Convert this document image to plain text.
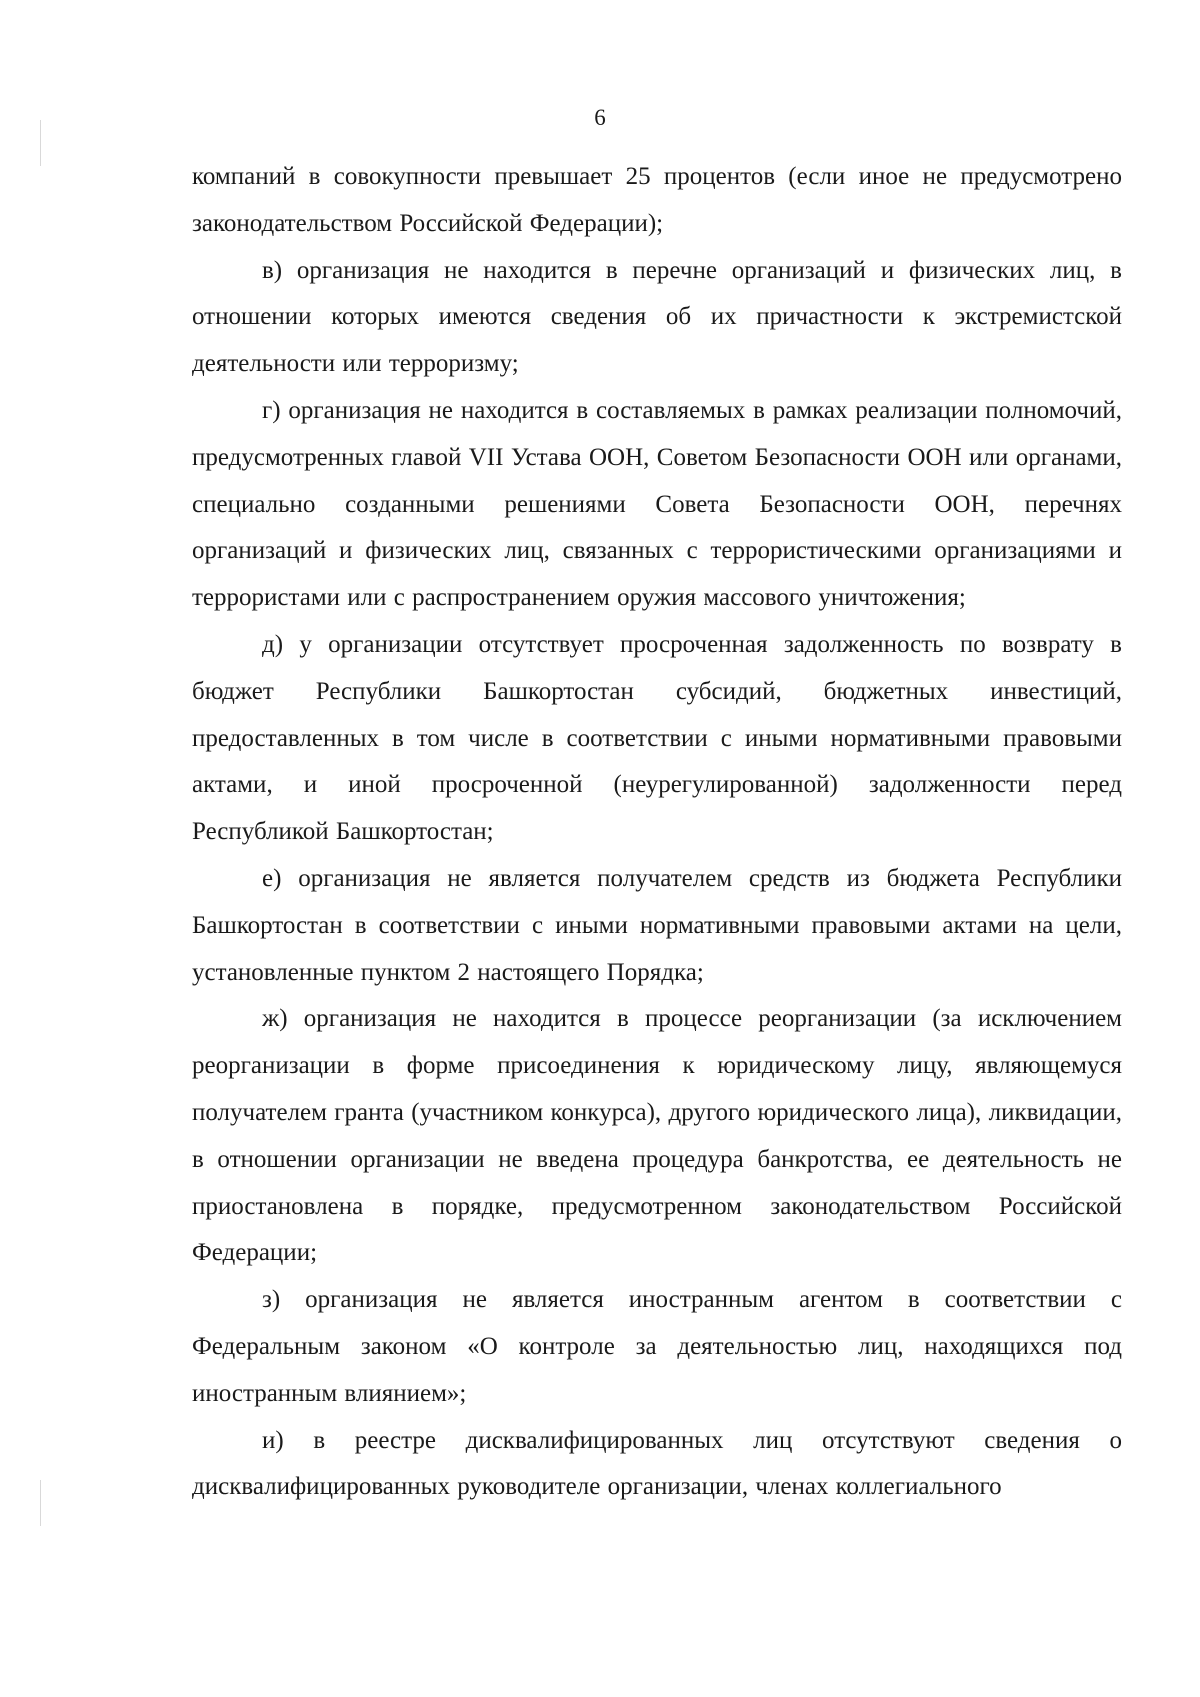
6

компаний в совокупности превышает 25 процентов (если иное не предусмотрено законодательством Российской Федерации);

в) организация не находится в перечне организаций и физических лиц, в отношении которых имеются сведения об их причастности к экстремистской деятельности или терроризму;

г) организация не находится в составляемых в рамках реализации полномочий, предусмотренных главой VII Устава ООН, Советом Безопасности ООН или органами, специально созданными решениями Совета Безопасности ООН, перечнях организаций и физических лиц, связанных с террористическими организациями и террористами или с распространением оружия массового уничтожения;

д) у организации отсутствует просроченная задолженность по возврату в бюджет Республики Башкортостан субсидий, бюджетных инвестиций, предоставленных в том числе в соответствии с иными нормативными правовыми актами, и иной просроченной (неурегулированной) задолженности перед Республикой Башкортостан;

е) организация не является получателем средств из бюджета Республики Башкортостан в соответствии с иными нормативными правовыми актами на цели, установленные пунктом 2 настоящего Порядка;

ж) организация не находится в процессе реорганизации (за исключением реорганизации в форме присоединения к юридическому лицу, являющемуся получателем гранта (участником конкурса), другого юридического лица), ликвидации, в отношении организации не введена процедура банкротства, ее деятельность не приостановлена в порядке, предусмотренном законодательством Российской Федерации;

з) организация не является иностранным агентом в соответствии с Федеральным законом «О контроле за деятельностью лиц, находящихся под иностранным влиянием»;

и) в реестре дисквалифицированных лиц отсутствуют сведения о дисквалифицированных руководителе организации, членах коллегиального
